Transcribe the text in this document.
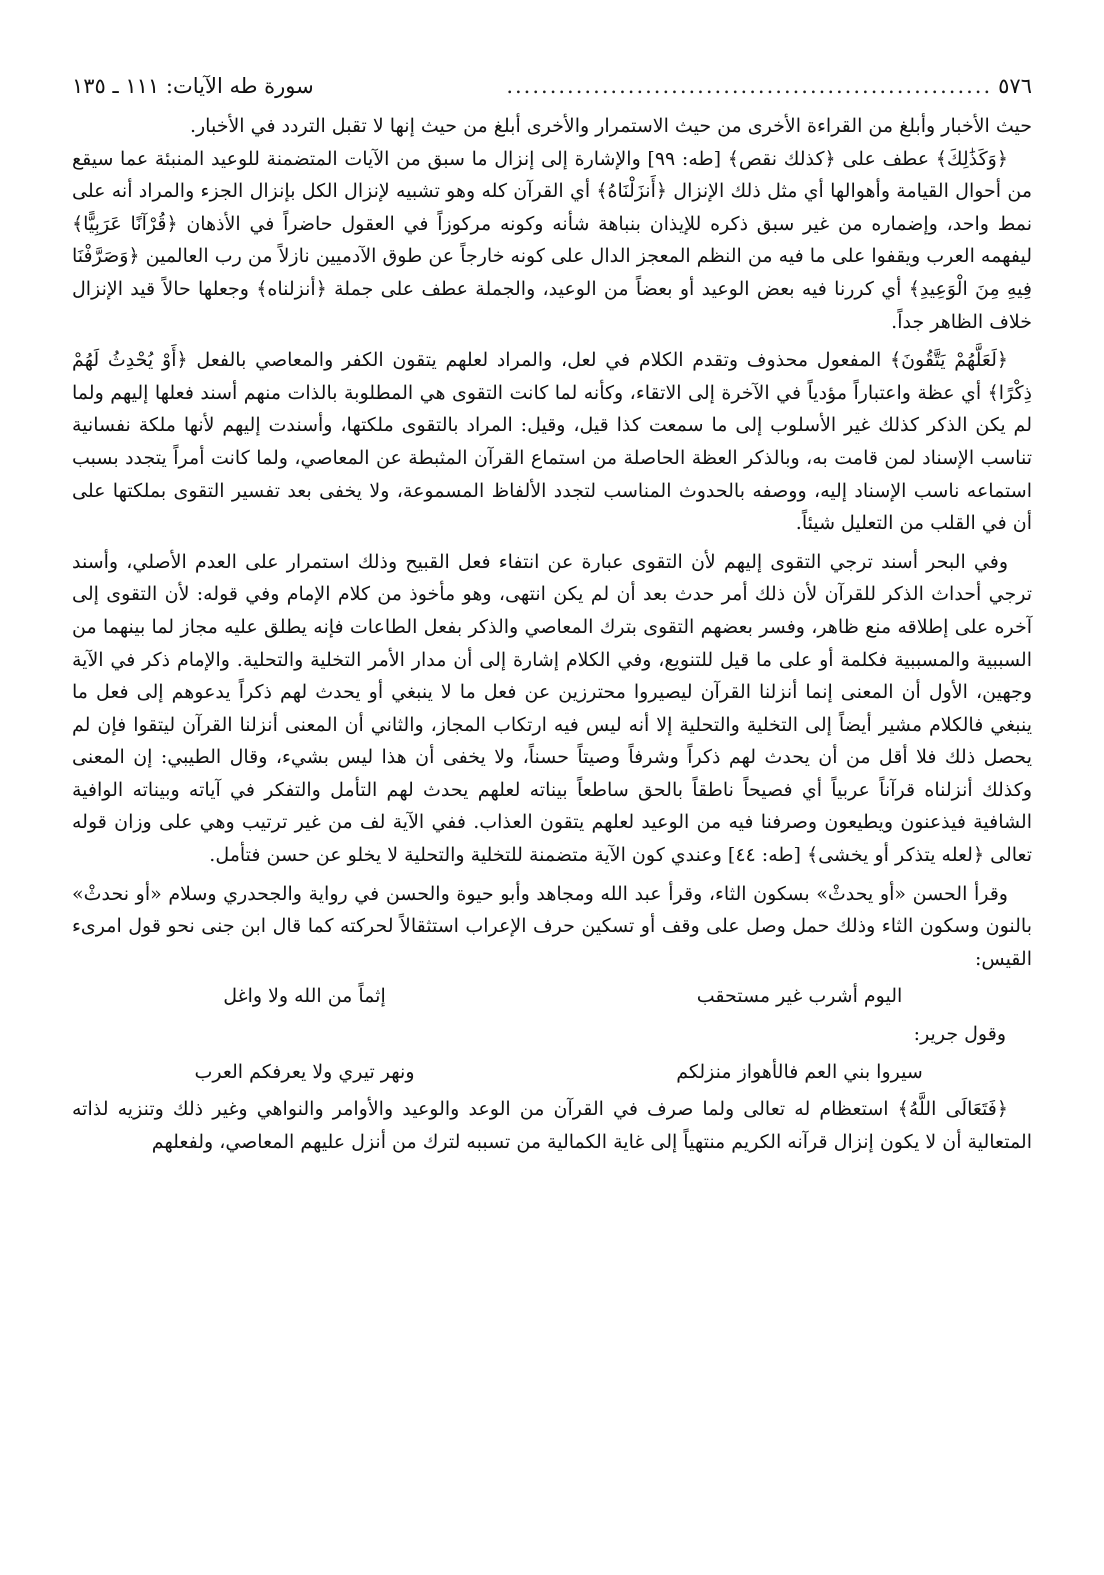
٥٧٦
........................................................
سورة طه الآيات: ١١١ ـ ١٣٥

حيث الأخبار وأبلغ من القراءة الأخرى من حيث الاستمرار والأخرى أبلغ من حيث إنها لا تقبل التردد في الأخبار.

﴿وَكَذَٰلِكَ﴾ عطف على ﴿كذلك نقص﴾ [طه: ٩٩] والإشارة إلى إنزال ما سبق من الآيات المتضمنة للوعيد المنبئة عما سيقع من أحوال القيامة وأهوالها أي مثل ذلك الإنزال ﴿أَنزَلْنَاهُ﴾ أي القرآن كله وهو تشبيه لإنزال الكل بإنزال الجزء والمراد أنه على نمط واحد، وإضماره من غير سبق ذكره للإيذان بنباهة شأنه وكونه مركوزاً في العقول حاضراً في الأذهان ﴿قُرْآنًا عَرَبِيًّا﴾ ليفهمه العرب ويقفوا على ما فيه من النظم المعجز الدال على كونه خارجاً عن طوق الآدميين نازلاً من رب العالمين ﴿وَصَرَّفْنَا فِيهِ مِنَ الْوَعِيدِ﴾ أي كررنا فيه بعض الوعيد أو بعضاً من الوعيد، والجملة عطف على جملة ﴿أنزلناه﴾ وجعلها حالاً قيد الإنزال خلاف الظاهر جداً.

﴿لَعَلَّهُمْ يَتَّقُونَ﴾ المفعول محذوف وتقدم الكلام في لعل، والمراد لعلهم يتقون الكفر والمعاصي بالفعل ﴿أَوْ يُحْدِثُ لَهُمْ ذِكْرًا﴾ أي عظة واعتباراً مؤدياً في الآخرة إلى الاتقاء، وكأنه لما كانت التقوى هي المطلوبة بالذات منهم أسند فعلها إليهم ولما لم يكن الذكر كذلك غير الأسلوب إلى ما سمعت كذا قيل، وقيل: المراد بالتقوى ملكتها، وأسندت إليهم لأنها ملكة نفسانية تناسب الإسناد لمن قامت به، وبالذكر العظة الحاصلة من استماع القرآن المثبطة عن المعاصي، ولما كانت أمراً يتجدد بسبب استماعه ناسب الإسناد إليه، ووصفه بالحدوث المناسب لتجدد الألفاظ المسموعة، ولا يخفى بعد تفسير التقوى بملكتها على أن في القلب من التعليل شيئاً.

وفي البحر أسند ترجي التقوى إليهم لأن التقوى عبارة عن انتفاء فعل القبيح وذلك استمرار على العدم الأصلي، وأسند ترجي أحداث الذكر للقرآن لأن ذلك أمر حدث بعد أن لم يكن انتهى، وهو مأخوذ من كلام الإمام وفي قوله: لأن التقوى إلى آخره على إطلاقه منع ظاهر، وفسر بعضهم التقوى بترك المعاصي والذكر بفعل الطاعات فإنه يطلق عليه مجاز لما بينهما من السببية والمسببية فكلمة أو على ما قيل للتنويع، وفي الكلام إشارة إلى أن مدار الأمر التخلية والتحلية. والإمام ذكر في الآية وجهين، الأول أن المعنى إنما أنزلنا القرآن ليصيروا محترزين عن فعل ما لا ينبغي أو يحدث لهم ذكراً يدعوهم إلى فعل ما ينبغي فالكلام مشير أيضاً إلى التخلية والتحلية إلا أنه ليس فيه ارتكاب المجاز، والثاني أن المعنى أنزلنا القرآن ليتقوا فإن لم يحصل ذلك فلا أقل من أن يحدث لهم ذكراً وشرفاً وصيتاً حسناً، ولا يخفى أن هذا ليس بشيء، وقال الطيبي: إن المعنى وكذلك أنزلناه قرآناً عربياً أي فصيحاً ناطقاً بالحق ساطعاً بيناته لعلهم يحدث لهم التأمل والتفكر في آياته وبيناته الوافية الشافية فيذعنون ويطيعون وصرفنا فيه من الوعيد لعلهم يتقون العذاب. ففي الآية لف من غير ترتيب وهي على وزان قوله تعالى ﴿لعله يتذكر أو يخشى﴾ [طه: ٤٤] وعندي كون الآية متضمنة للتخلية والتحلية لا يخلو عن حسن فتأمل.

وقرأ الحسن «أو يحدثْ» بسكون الثاء، وقرأ عبد الله ومجاهد وأبو حيوة والحسن في رواية والجحدري وسلام «أو نحدثْ» بالنون وسكون الثاء وذلك حمل وصل على وقف أو تسكين حرف الإعراب استثقالاً لحركته كما قال ابن جنى نحو قول امرىء القيس:

اليوم أشرب غير مستحقب
إثماً من الله ولا واغل
وقول جرير:
سيروا بني العم فالأهواز منزلكم
ونهر تيري ولا يعرفكم العرب

﴿فَتَعَالَى اللَّهُ﴾ استعظام له تعالى ولما صرف في القرآن من الوعد والوعيد والأوامر والنواهي وغير ذلك وتنزيه لذاته المتعالية أن لا يكون إنزال قرآنه الكريم منتهياً إلى غاية الكمالية من تسببه لترك من أنزل عليهم المعاصي، ولفعلهم
